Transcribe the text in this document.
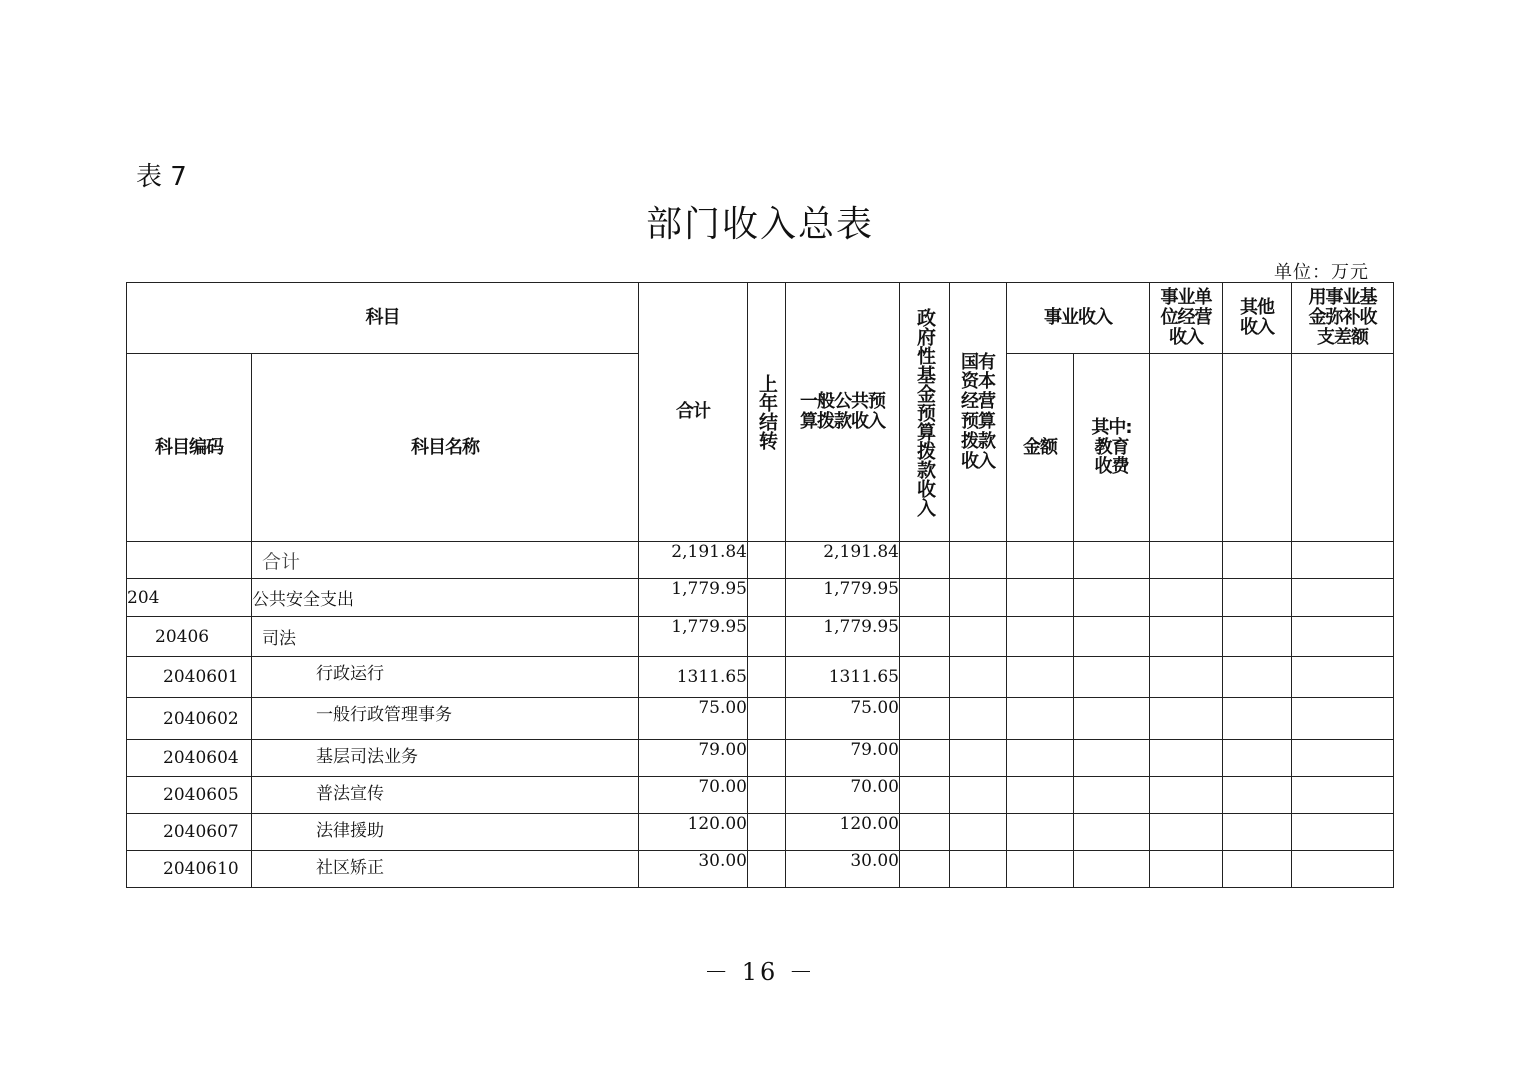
表 7
部门收入总表
单位：万元
科目		合计	上年结转	一般公共预算拨款收入	政府性基金预算拨款收入	国有资本经营预算拨款收入	事业收入		事业单位经营收入	其他收入	用事业基金弥补收支差额
科目编码	科目名称						金额	其中:教育收费			
	合计	2,191.84		2,191.84							
204	公共安全支出	1,779.95		1,779.95							
20406	司法	1,779.95		1,779.95							
2040601	行政运行	1311.65		1311.65							
2040602	一般行政管理事务	75.00		75.00							
2040604	基层司法业务	79.00		79.00							
2040605	普法宣传	70.00		70.00							
2040607	法律援助	120.00		120.00							
2040610	社区矫正	30.00		30.00							
－ 16 －
